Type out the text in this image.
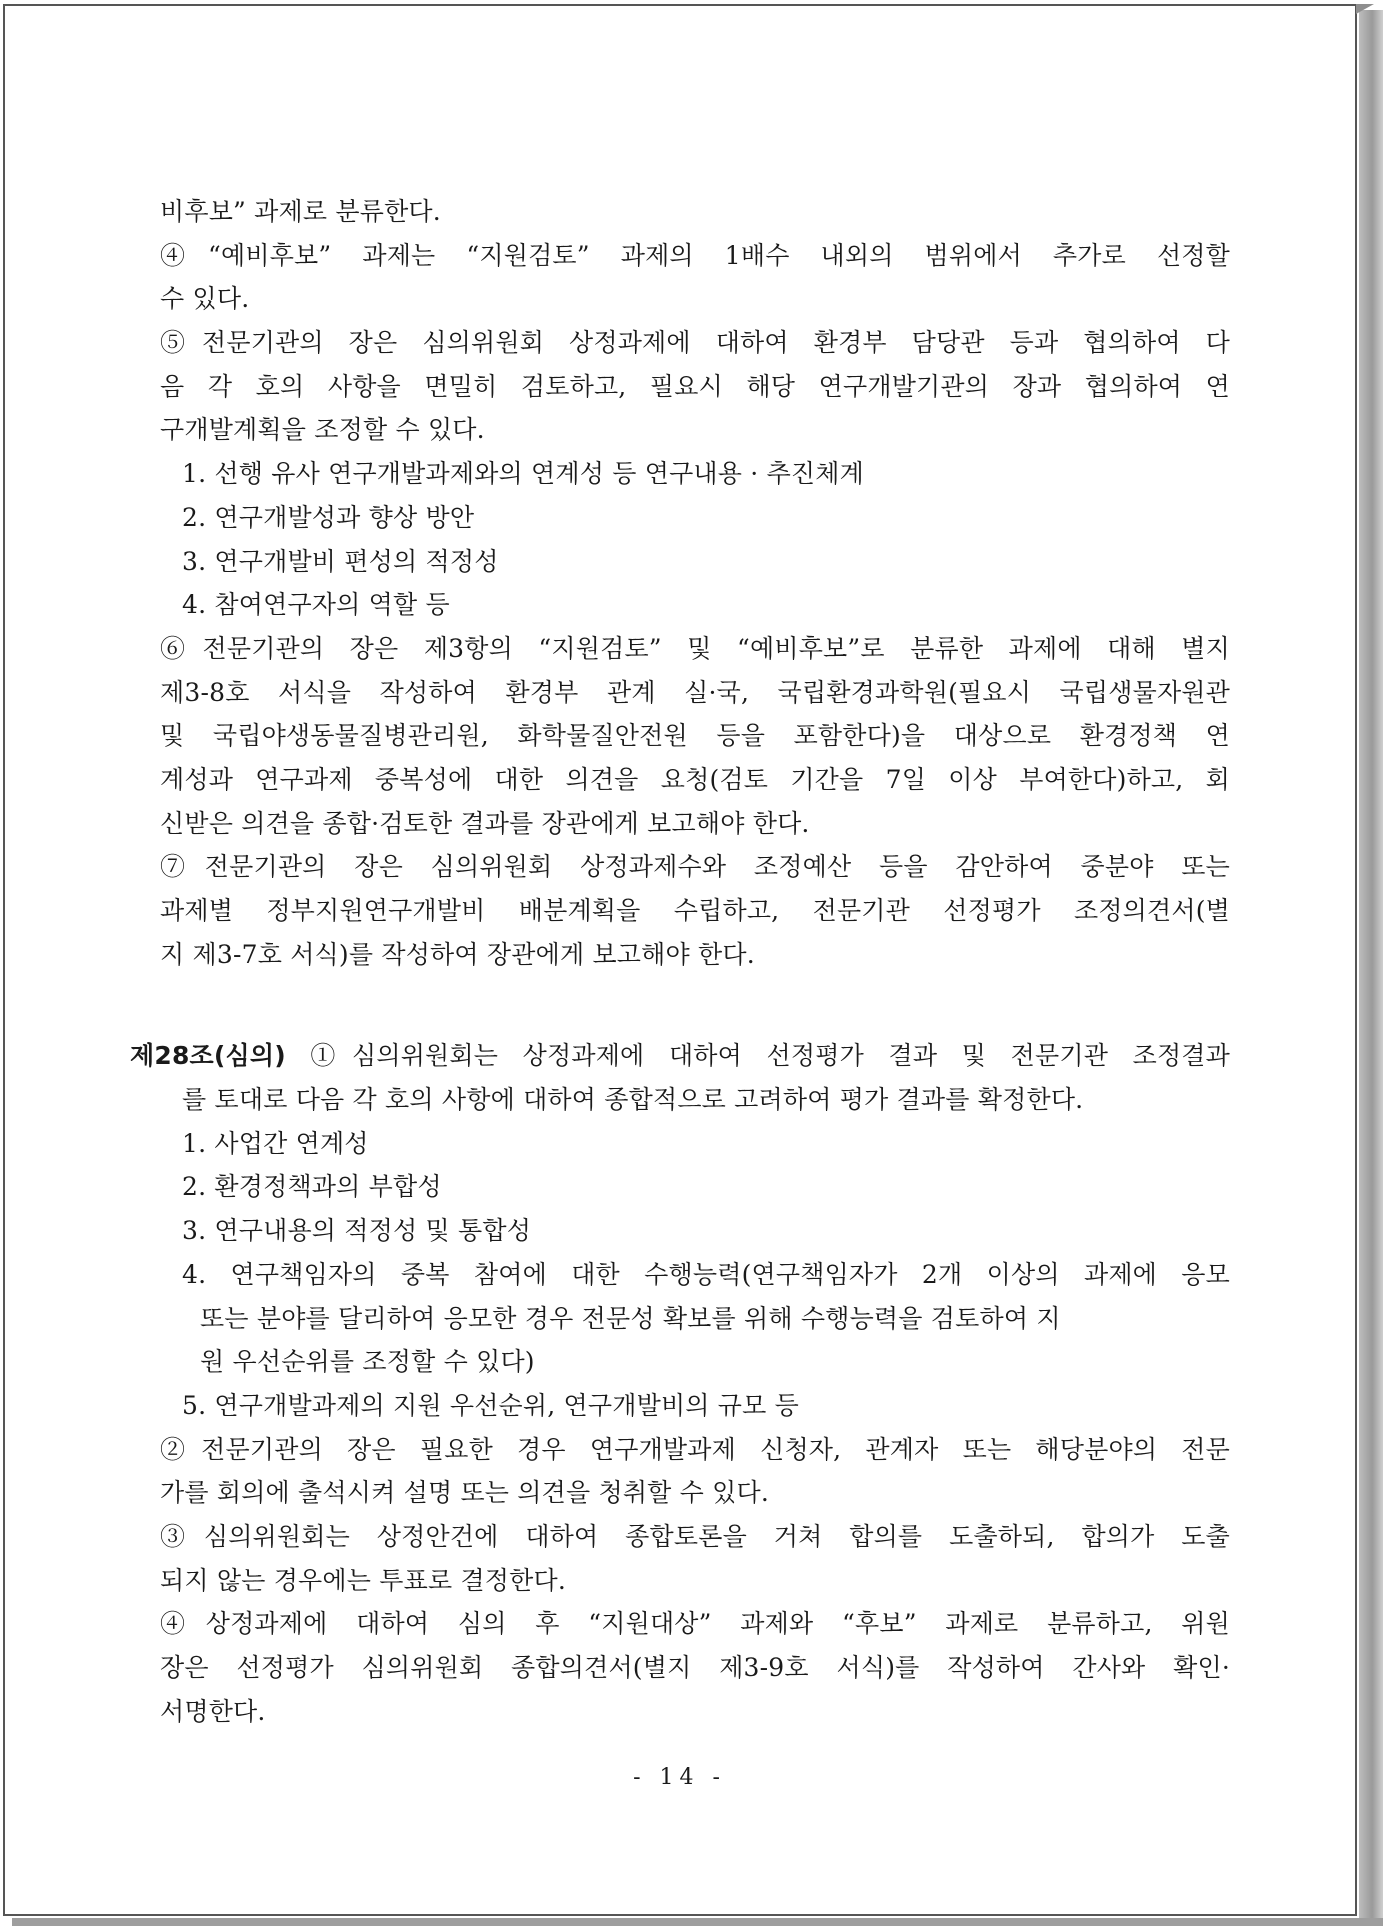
비후보” 과제로 분류한다.
④“예비후보” 과제는 “지원검토” 과제의 1배수 내외의 범위에서 추가로 선정할
수 있다.
⑤전문기관의 장은 심의위원회 상정과제에 대하여 환경부 담당관 등과 협의하여 다
음 각 호의 사항을 면밀히 검토하고, 필요시 해당 연구개발기관의 장과 협의하여 연
구개발계획을 조정할 수 있다.
1. 선행 유사 연구개발과제와의 연계성 등 연구내용 · 추진체계
2. 연구개발성과 향상 방안
3. 연구개발비 편성의 적정성
4. 참여연구자의 역할 등
⑥전문기관의 장은 제3항의 “지원검토” 및 “예비후보”로 분류한 과제에 대해 별지
제3-8호 서식을 작성하여 환경부 관계 실·국, 국립환경과학원(필요시 국립생물자원관
및 국립야생동물질병관리원, 화학물질안전원 등을 포함한다)을 대상으로 환경정책 연
계성과 연구과제 중복성에 대한 의견을 요청(검토 기간을 7일 이상 부여한다)하고, 회
신받은 의견을 종합·검토한 결과를 장관에게 보고해야 한다.
⑦전문기관의 장은 심의위원회 상정과제수와 조정예산 등을 감안하여 중분야 또는
과제별 정부지원연구개발비 배분계획을 수립하고, 전문기관 선정평가 조정의견서(별
지 제3-7호 서식)를 작성하여 장관에게 보고해야 한다.
제28조(심의) ①심의위원회는 상정과제에 대하여 선정평가 결과 및 전문기관 조정결과
를 토대로 다음 각 호의 사항에 대하여 종합적으로 고려하여 평가 결과를 확정한다.
1. 사업간 연계성
2. 환경정책과의 부합성
3. 연구내용의 적정성 및 통합성
4. 연구책임자의 중복 참여에 대한 수행능력(연구책임자가 2개 이상의 과제에 응모
또는 분야를 달리하여 응모한 경우 전문성 확보를 위해 수행능력을 검토하여 지
원 우선순위를 조정할 수 있다)
5. 연구개발과제의 지원 우선순위, 연구개발비의 규모 등
②전문기관의 장은 필요한 경우 연구개발과제 신청자, 관계자 또는 해당분야의 전문
가를 회의에 출석시켜 설명 또는 의견을 청취할 수 있다.
③심의위원회는 상정안건에 대하여 종합토론을 거쳐 합의를 도출하되, 합의가 도출
되지 않는 경우에는 투표로 결정한다.
④상정과제에 대하여 심의 후 “지원대상” 과제와 “후보” 과제로 분류하고, 위원
장은 선정평가 심의위원회 종합의견서(별지 제3-9호 서식)를 작성하여 간사와 확인·
서명한다.
- 14 -
